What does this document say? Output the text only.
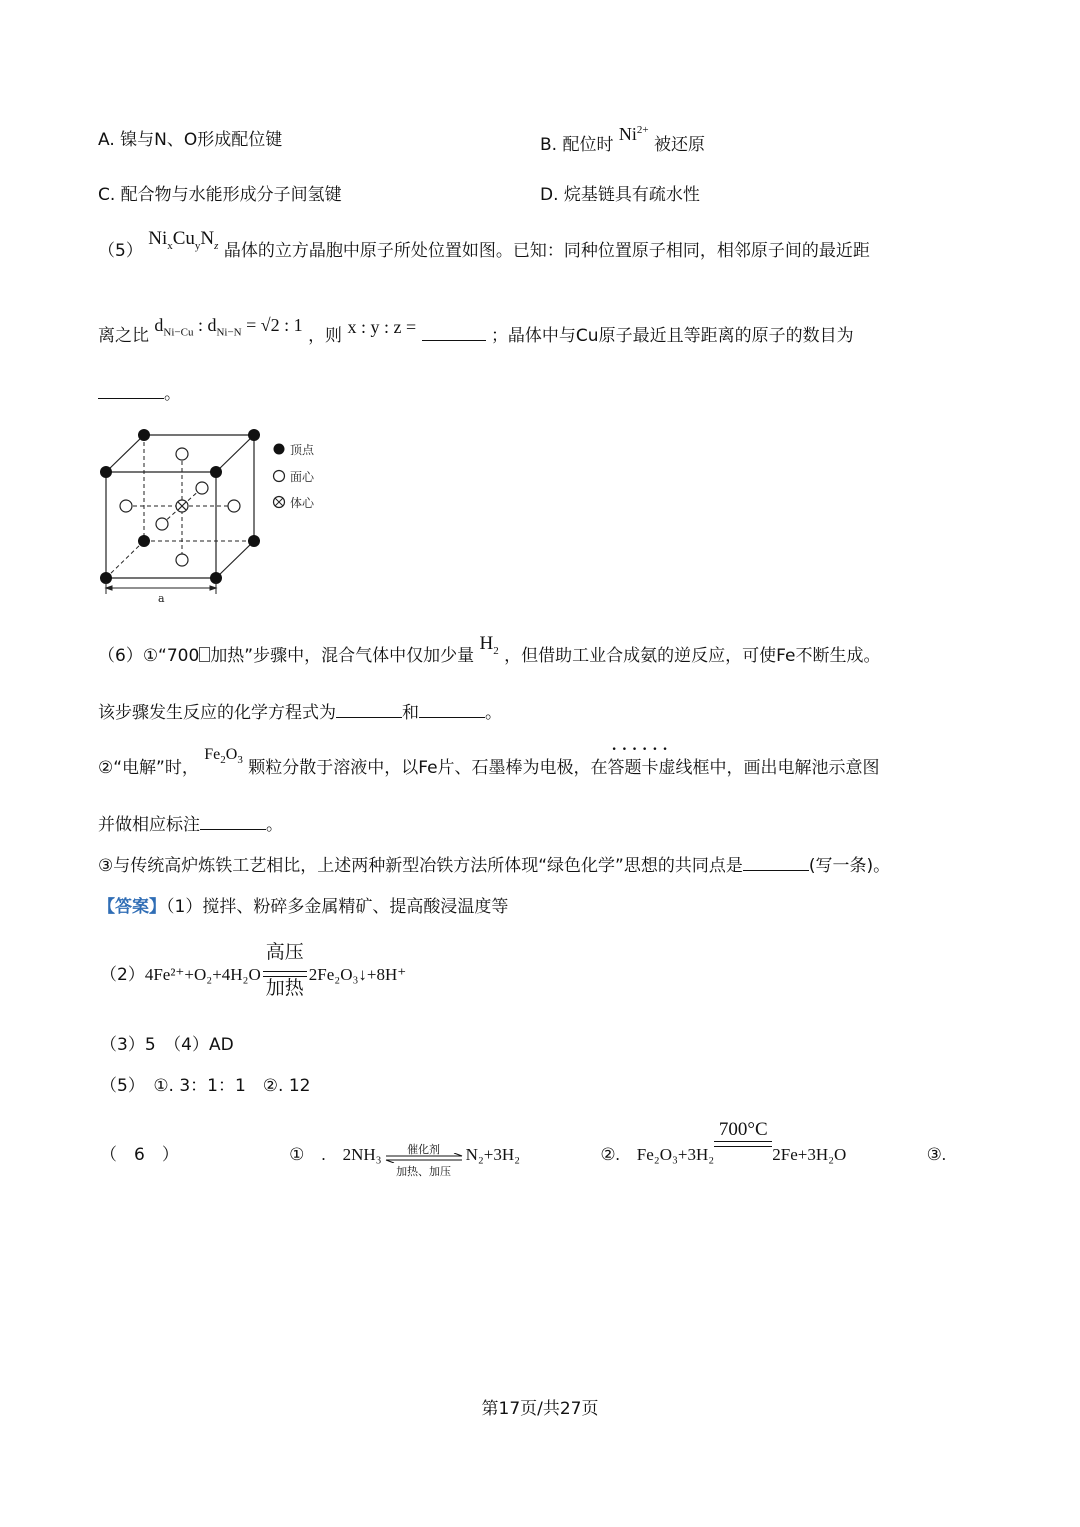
A. 镍与N、O形成配位键	B. 配位时 $Ni^{2+}$ 被还原
C. 配合物与水能形成分子间氢键	D. 烷基链具有疏水性
（5） $Ni_xCu_yN_z$ 晶体的立方晶胞中原子所处位置如图。已知：同种位置原子相同，相邻原子间的最近距
离之比 $d_{Ni-Cu}$ : $d_{Ni-N} = √2$ : 1 ，则 x : y : z =	；晶体中与Cu原子最近且等距离的原子的数目为
。
a
顶点
面心
体心
（6）①“700 加热”步骤中，混合气体中仅加少量 $H_2$ ，但借助工业合成氨的逆反应，可使Fe不断生成。
该步骤发生反应的化学方程式为	和	。
②“电解”时， $Fe_2O_3$ 颗粒分散于溶液中，以Fe片、石墨棒为电极，在• • • 答题卡虚线框中，画出电解池示意图
并做相应标注	。
③与传统高炉炼铁工艺相比，上述两种新型冶铁方法所体现“绿色化学”思想的共同点是	(写一条)。
【答案】（1）搅拌、粉碎多金属精矿、提高酸浸温度等
（2）4Fe²⁺+O₂+4H₂O
高压
加热
2Fe₂O₃↓+8H⁺
（3）5　（4）AD
（5）　①. 3：1：1　②. 12
（　6　）	①　.　2NH₃	催化剂
加热、加压
N₂+3H₂	②.　Fe₂O₃+3H₂
700°C
2Fe+3H₂O	③.
第17页/共27页
